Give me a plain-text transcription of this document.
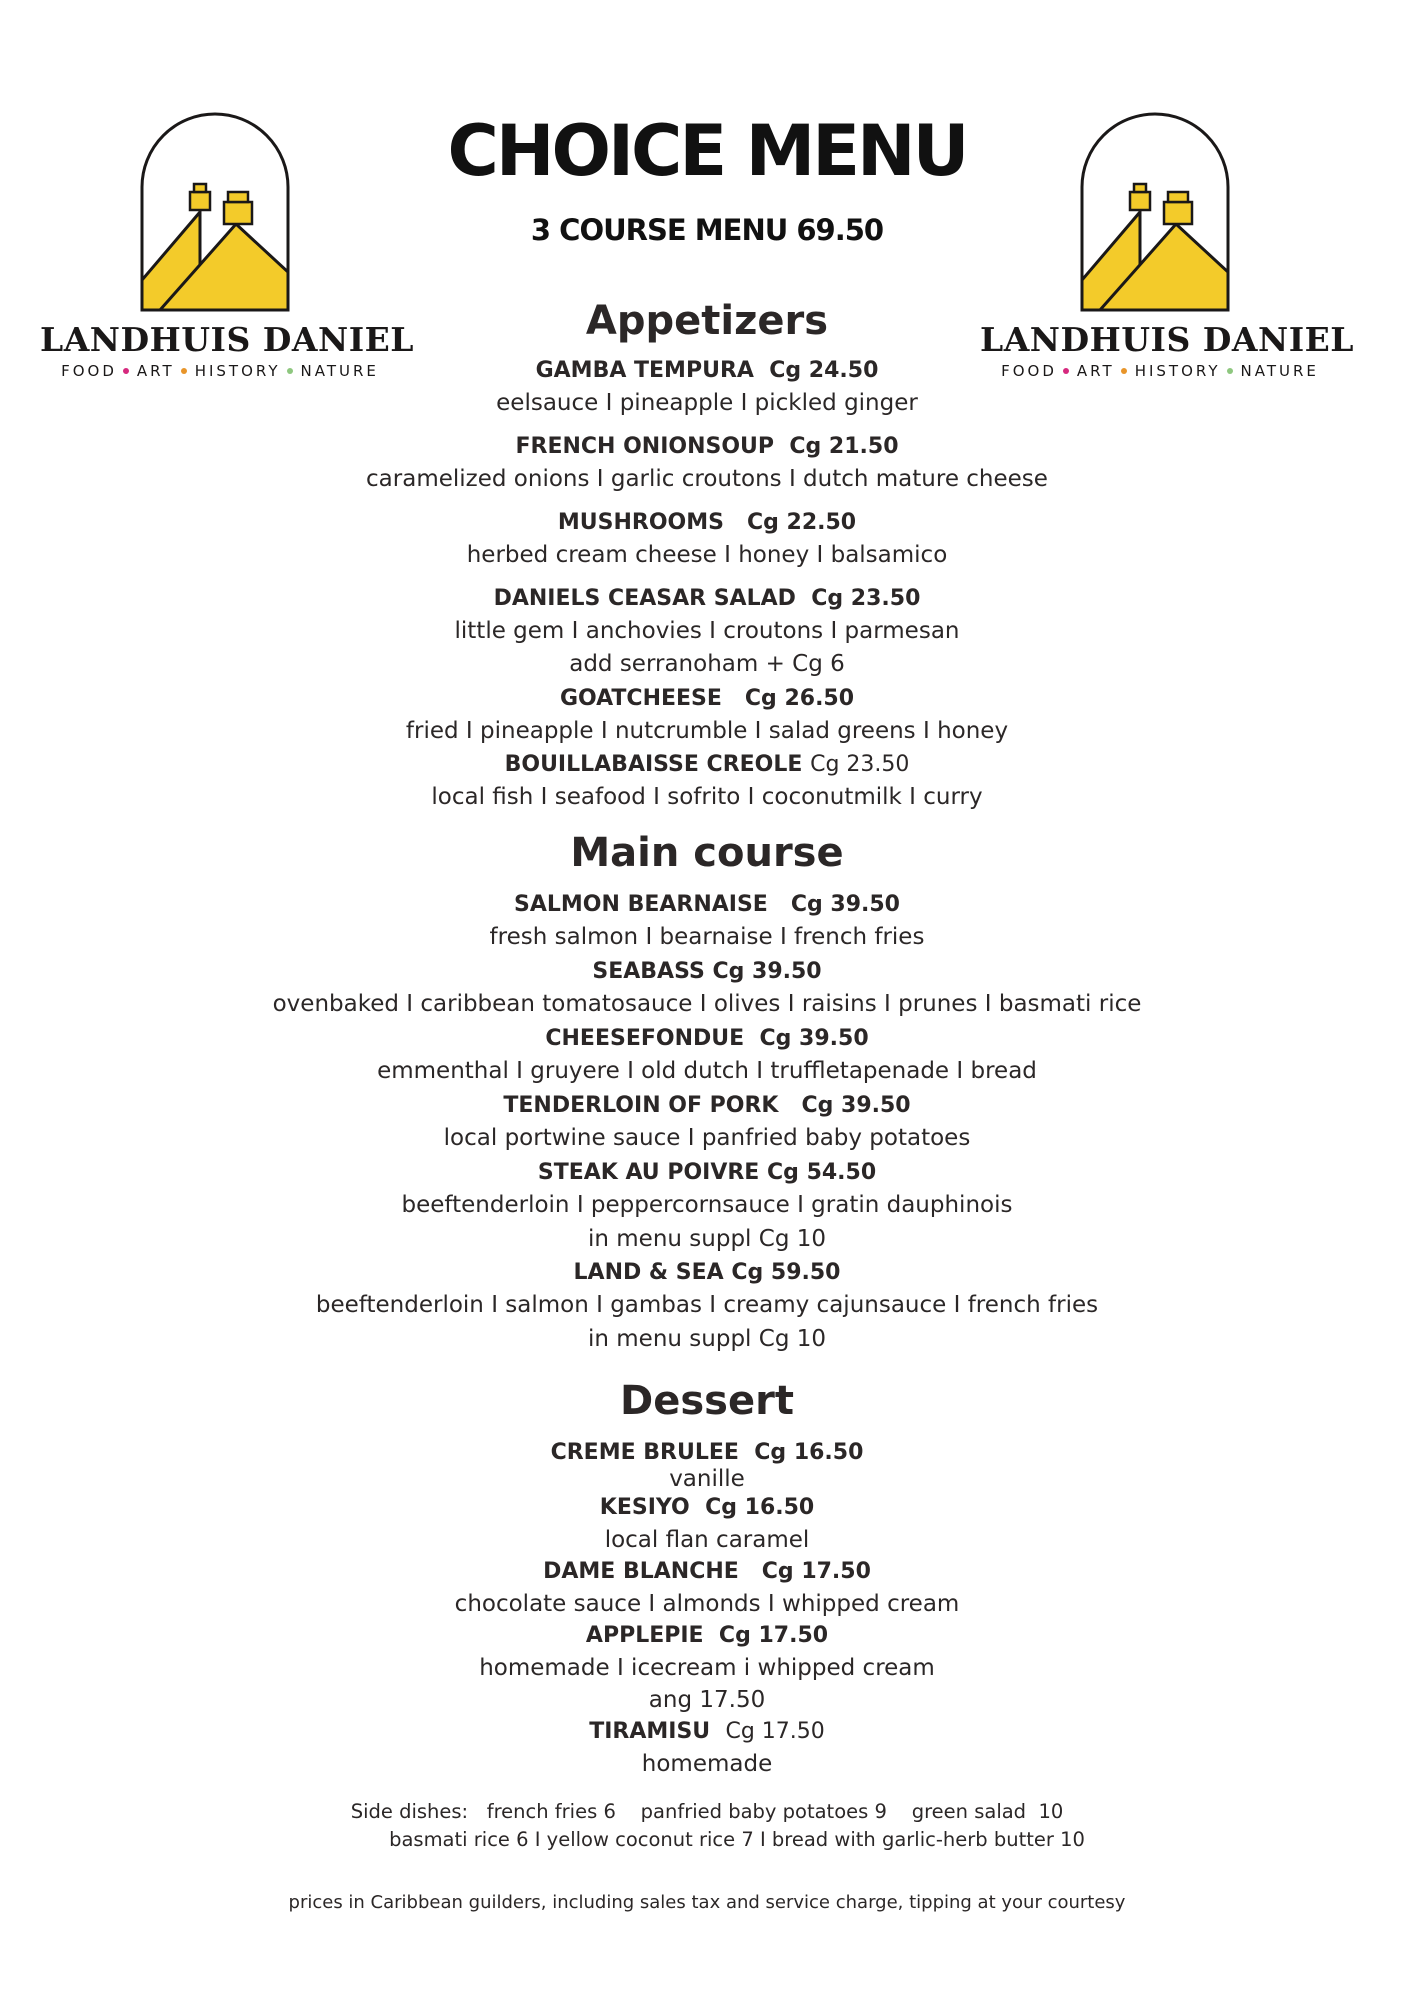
LANDHUIS DANIEL
FOOD ART HISTORY NATURE
LANDHUIS DANIEL
FOOD ART HISTORY NATURE
CHOICE MENU
3 COURSE MENU 69.50
Appetizers
GAMBA TEMPURA Cg 24.50
eelsauce I pineapple I pickled ginger
FRENCH ONIONSOUP Cg 21.50
caramelized onions I garlic croutons I dutch mature cheese
MUSHROOMS Cg 22.50
herbed cream cheese I honey I balsamico
DANIELS CEASAR SALAD Cg 23.50
little gem I anchovies I croutons I parmesan
add serranoham + Cg 6
GOATCHEESE Cg 26.50
fried I pineapple I nutcrumble I salad greens I honey
BOUILLABAISSE CREOLE Cg 23.50
local fish I seafood I sofrito I coconutmilk I curry
Main course
SALMON BEARNAISE Cg 39.50
fresh salmon I bearnaise I french fries
SEABASS Cg 39.50
ovenbaked I caribbean tomatosauce I olives I raisins I prunes I basmati rice
CHEESEFONDUE Cg 39.50
emmenthal I gruyere I old dutch I truffletapenade I bread
TENDERLOIN OF PORK Cg 39.50
local portwine sauce I panfried baby potatoes
STEAK AU POIVRE Cg 54.50
beeftenderloin I peppercornsauce I gratin dauphinois
in menu suppl Cg 10
LAND & SEA Cg 59.50
beeftenderloin I salmon I gambas I creamy cajunsauce I french fries
in menu suppl Cg 10
Dessert
CREME BRULEE Cg 16.50
vanille
KESIYO Cg 16.50
local flan caramel
DAME BLANCHE Cg 17.50
chocolate sauce I almonds I whipped cream
APPLEPIE Cg 17.50
homemade I icecream i whipped cream
ang 17.50
TIRAMISU Cg 17.50
homemade
Side dishes:   french fries 6    panfried baby potatoes 9    green salad  10
basmati rice 6 I yellow coconut rice 7 I bread with garlic-herb butter 10
prices in Caribbean guilders, including sales tax and service charge, tipping at your courtesy
